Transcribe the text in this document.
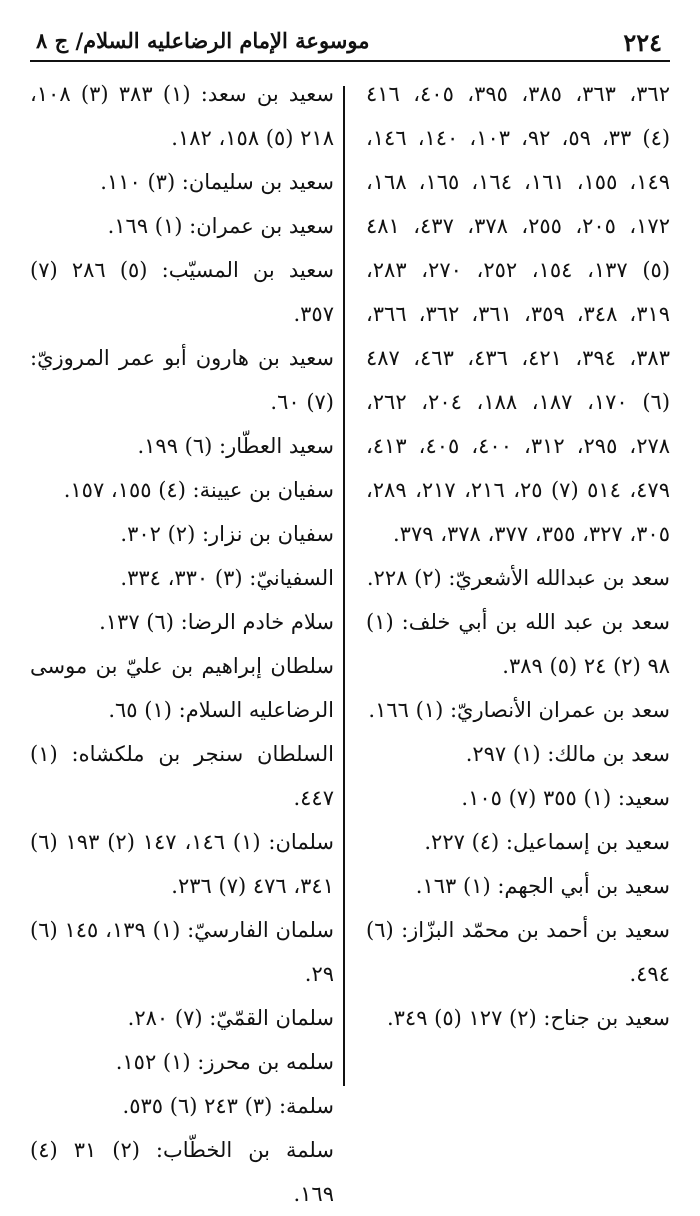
٢٢٤
موسوعة الإمام الرضاعليه السلام/ ج ٨

٣٦٢، ٣٦٣، ٣٨٥، ٣٩٥، ٤٠٥، ٤١٦ (٤) ٣٣، ٥٩، ٩٢، ١٠٣، ١٤٠، ١٤٦، ١٤٩، ١٥٥، ١٦١، ١٦٤، ١٦٥، ١٦٨، ١٧٢، ٢٠٥، ٢٥٥، ٣٧٨، ٤٣٧، ٤٨١ (٥) ١٣٧، ١٥٤، ٢٥٢، ٢٧٠، ٢٨٣، ٣١٩، ٣٤٨، ٣٥٩، ٣٦١، ٣٦٢، ٣٦٦، ٣٨٣، ٣٩٤، ٤٢١، ٤٣٦، ٤٦٣، ٤٨٧ (٦) ١٧٠، ١٨٧، ١٨٨، ٢٠٤، ٢٦٢، ٢٧٨، ٢٩٥، ٣١٢، ٤٠٠، ٤٠٥، ٤١٣، ٤٧٩، ٥١٤ (٧) ٢٥، ٢١٦، ٢١٧، ٢٨٩، ٣٠٥، ٣٢٧، ٣٥٥، ٣٧٧، ٣٧٨، ٣٧٩.

سعد بن عبدالله الأشعريّ: (٢) ٢٢٨.

سعد بن عبد الله بن أبي خلف: (١) ٩٨ (٢) ٢٤ (٥) ٣٨٩.

سعد بن عمران الأنصاريّ: (١) ١٦٦.

سعد بن مالك: (١) ٢٩٧.

سعيد: (١) ٣٥٥ (٧) ١٠٥.

سعيد بن إسماعيل: (٤) ٢٢٧.

سعيد بن أبي الجهم: (١) ١٦٣.

سعيد بن أحمد بن محمّد البزّاز: (٦) ٤٩٤.

سعيد بن جناح: (٢) ١٢٧ (٥) ٣٤٩.

سعيد بن سعد: (١) ٣٨٣ (٣) ١٠٨، ٢١٨ (٥) ١٥٨، ١٨٢.

سعيد بن سليمان: (٣) ١١٠.

سعيد بن عمران: (١) ١٦٩.

سعيد بن المسيّب: (٥) ٢٨٦ (٧) ٣٥٧.

سعيد بن هارون أبو عمر المروزيّ: (٧) ٦٠.

سعيد العطّار: (٦) ١٩٩.

سفيان بن عيينة: (٤) ١٥٥، ١٥٧.

سفيان بن نزار: (٢) ٣٠٢.

السفيانيّ: (٣) ٣٣٠، ٣٣٤.

سلام خادم الرضا: (٦) ١٣٧.

سلطان إبراهيم بن عليّ بن موسى الرضاعليه السلام: (١) ٦٥.

السلطان سنجر بن ملكشاه: (١) ٤٤٧.

سلمان: (١) ١٤٦، ١٤٧ (٢) ١٩٣ (٦) ٣٤١، ٤٧٦ (٧) ٢٣٦.

سلمان الفارسيّ: (١) ١٣٩، ١٤٥ (٦) ٢٩.

سلمان القمّيّ: (٧) ٢٨٠.

سلمه بن محرز: (١) ١٥٢.

سلمة: (٣) ٢٤٣ (٦) ٥٣٥.

سلمة بن الخطّاب: (٢) ٣١ (٤) ١٦٩.
